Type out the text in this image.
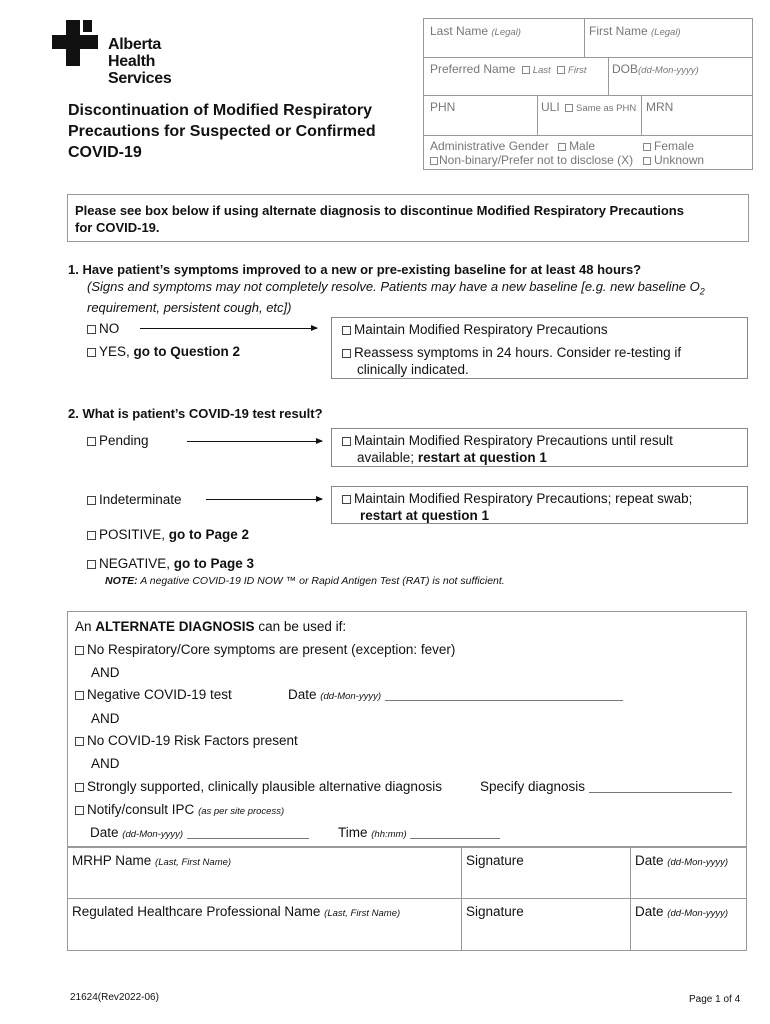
Alberta Health
Services
Discontinuation of Modified Respiratory
Precautions for Suspected or Confirmed
COVID-19
Last Name (Legal)	First Name (Legal)
Preferred Name Last First DOB(dd-Mon-yyyy)
PHN	ULI Same as PHN MRN
Administrative Gender Male
Non-binary/Prefer not to disclose (X)
Female
Unknown
Please see box below if using alternate diagnosis to discontinue Modified Respiratory Precautions
for COVID-19.
1. Have patient’s symptoms improved to a new or pre-existing baseline for at least 48 hours?
(Signs and symptoms may not completely resolve. Patients may have a new baseline [e.g. new baseline $O_2$
requirement, persistent cough, etc])
NO
YES, go to Question 2
Maintain Modified Respiratory Precautions
Reassess symptoms in 24 hours. Consider re-testing if
clinically indicated.
2. What is patient’s COVID-19 test result?
Pending	Maintain Modified Respiratory Precautions until result
available; restart at question 1
Indeterminate	Maintain Modified Respiratory Precautions; repeat swab;
restart at question 1
POSITIVE, go to Page 2
NEGATIVE, go to Page 3
NOTE: A negative COVID-19 ID NOW ™ or Rapid Antigen Test (RAT) is not sufficient.
An ALTERNATE DIAGNOSIS can be used if:
No Respiratory/Core symptoms are present (exception: fever)
AND
Negative COVID-19 test	Date (dd-Mon-yyyy)
AND
No COVID-19 Risk Factors present
AND
Strongly supported, clinically plausible alternative diagnosis	Specify diagnosis
Notify/consult IPC (as per site process)
Date (dd-Mon-yyyy)	Time (hh:mm)
MRHP Name (Last, First Name)	Signature	Date (dd-Mon-yyyy)
Regulated Healthcare Professional Name (Last, First Name)	Signature	Date (dd-Mon-yyyy)
21624(Rev2022-06)	Page 1 of 4
